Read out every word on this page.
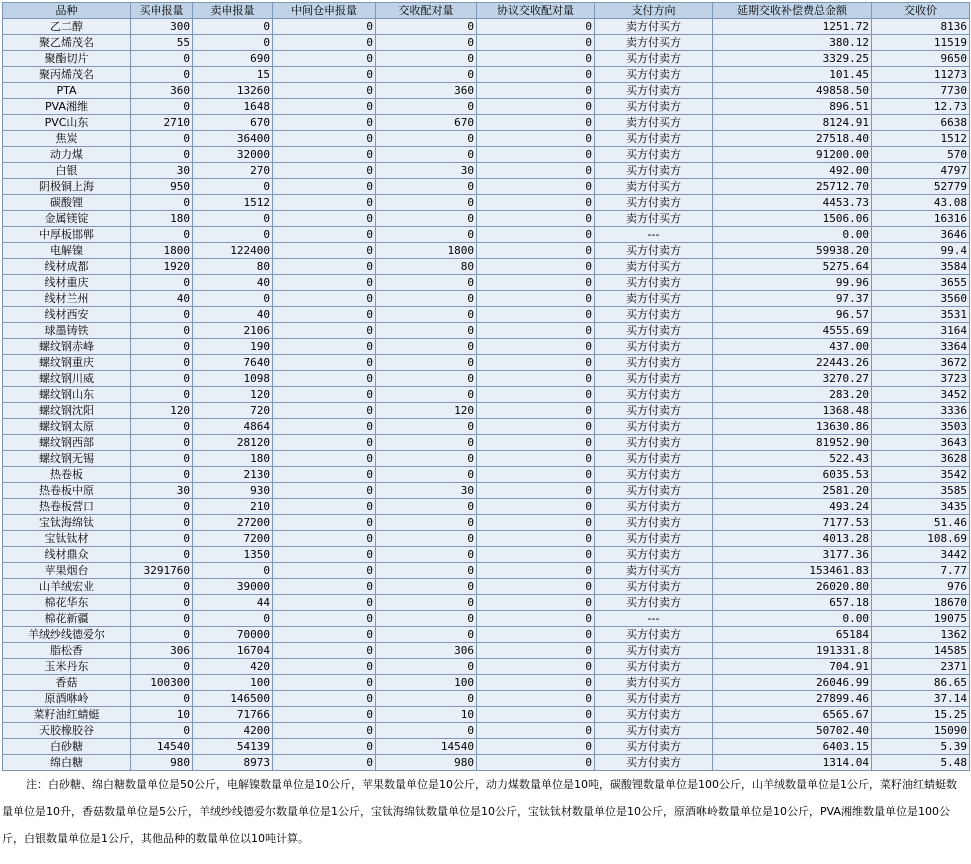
品种	买申报量	卖申报量	中间仓申报量	交收配对量	协议交收配对量	支付方向	延期交收补偿费总金额	交收价
乙二醇	300	0	0	0	0	卖方付买方	1251.72	8136
聚乙烯茂名	55	0	0	0	0	卖方付买方	380.12	11519
聚酯切片	0	690	0	0	0	买方付卖方	3329.25	9650
聚丙烯茂名	0	15	0	0	0	买方付卖方	101.45	11273
PTA	360	13260	0	360	0	买方付卖方	49858.50	7730
PVA湘维	0	1648	0	0	0	买方付卖方	896.51	12.73
PVC山东	2710	670	0	670	0	卖方付买方	8124.91	6638
焦炭	0	36400	0	0	0	买方付卖方	27518.40	1512
动力煤	0	32000	0	0	0	买方付卖方	91200.00	570
白银	30	270	0	30	0	买方付卖方	492.00	4797
阴极铜上海	950	0	0	0	0	卖方付买方	25712.70	52779
碳酸锂	0	1512	0	0	0	买方付卖方	4453.73	43.08
金属镁锭	180	0	0	0	0	卖方付买方	1506.06	16316
中厚板邯郸	0	0	0	0	0	---	0.00	3646
电解镍	1800	122400	0	1800	0	买方付卖方	59938.20	99.4
线材成都	1920	80	0	80	0	卖方付买方	5275.64	3584
线材重庆	0	40	0	0	0	买方付卖方	99.96	3655
线材兰州	40	0	0	0	0	卖方付买方	97.37	3560
线材西安	0	40	0	0	0	买方付卖方	96.57	3531
球墨铸铁	0	2106	0	0	0	买方付卖方	4555.69	3164
螺纹钢赤峰	0	190	0	0	0	买方付卖方	437.00	3364
螺纹钢重庆	0	7640	0	0	0	买方付卖方	22443.26	3672
螺纹钢川威	0	1098	0	0	0	买方付卖方	3270.27	3723
螺纹钢山东	0	120	0	0	0	买方付卖方	283.20	3452
螺纹钢沈阳	120	720	0	120	0	买方付卖方	1368.48	3336
螺纹钢太原	0	4864	0	0	0	买方付卖方	13630.86	3503
螺纹钢西部	0	28120	0	0	0	买方付卖方	81952.90	3643
螺纹钢无锡	0	180	0	0	0	买方付卖方	522.43	3628
热卷板	0	2130	0	0	0	买方付卖方	6035.53	3542
热卷板中原	30	930	0	30	0	买方付卖方	2581.20	3585
热卷板营口	0	210	0	0	0	买方付卖方	493.24	3435
宝钛海绵钛	0	27200	0	0	0	买方付卖方	7177.53	51.46
宝钛钛材	0	7200	0	0	0	买方付卖方	4013.28	108.69
线材鼎众	0	1350	0	0	0	买方付卖方	3177.36	3442
苹果烟台	3291760	0	0	0	0	卖方付买方	153461.83	7.77
山羊绒宏业	0	39000	0	0	0	买方付卖方	26020.80	976
棉花华东	0	44	0	0	0	买方付卖方	657.18	18670
棉花新疆	0	0	0	0	0	---	0.00	19075
羊绒纱线德爱尔	0	70000	0	0	0	买方付卖方	65184	1362
脂松香	306	16704	0	306	0	买方付卖方	191331.8	14585
玉米丹东	0	420	0	0	0	买方付卖方	704.91	2371
香菇	100300	100	0	100	0	卖方付买方	26046.99	86.65
原酒咻岭	0	146500	0	0	0	买方付卖方	27899.46	37.14
菜籽油红蜻蜓	10	71766	0	10	0	买方付卖方	6565.67	15.25
天胶橡胶谷	0	4200	0	0	0	买方付卖方	50702.40	15090
白砂糖	14540	54139	0	14540	0	买方付卖方	6403.15	5.39
绵白糖	980	8973	0	980	0	买方付卖方	1314.04	5.48
注：白砂糖、绵白糖数量单位是50公斤，电解镍数量单位是10公斤，苹果数量单位是10公斤，动力煤数量单位是10吨，碳酸锂数量单位是100公斤，山羊绒数量单位是1公斤，菜籽油红蜻蜓数量单位是10升，香菇数量单位是5公斤，羊绒纱线德爱尔数量单位是1公斤，宝钛海绵钛数量单位是10公斤，宝钛钛材数量单位是10公斤，原酒咻岭数量单位是10公斤，PVA湘维数量单位是100公斤，白银数量单位是1公斤，其他品种的数量单位以10吨计算。
